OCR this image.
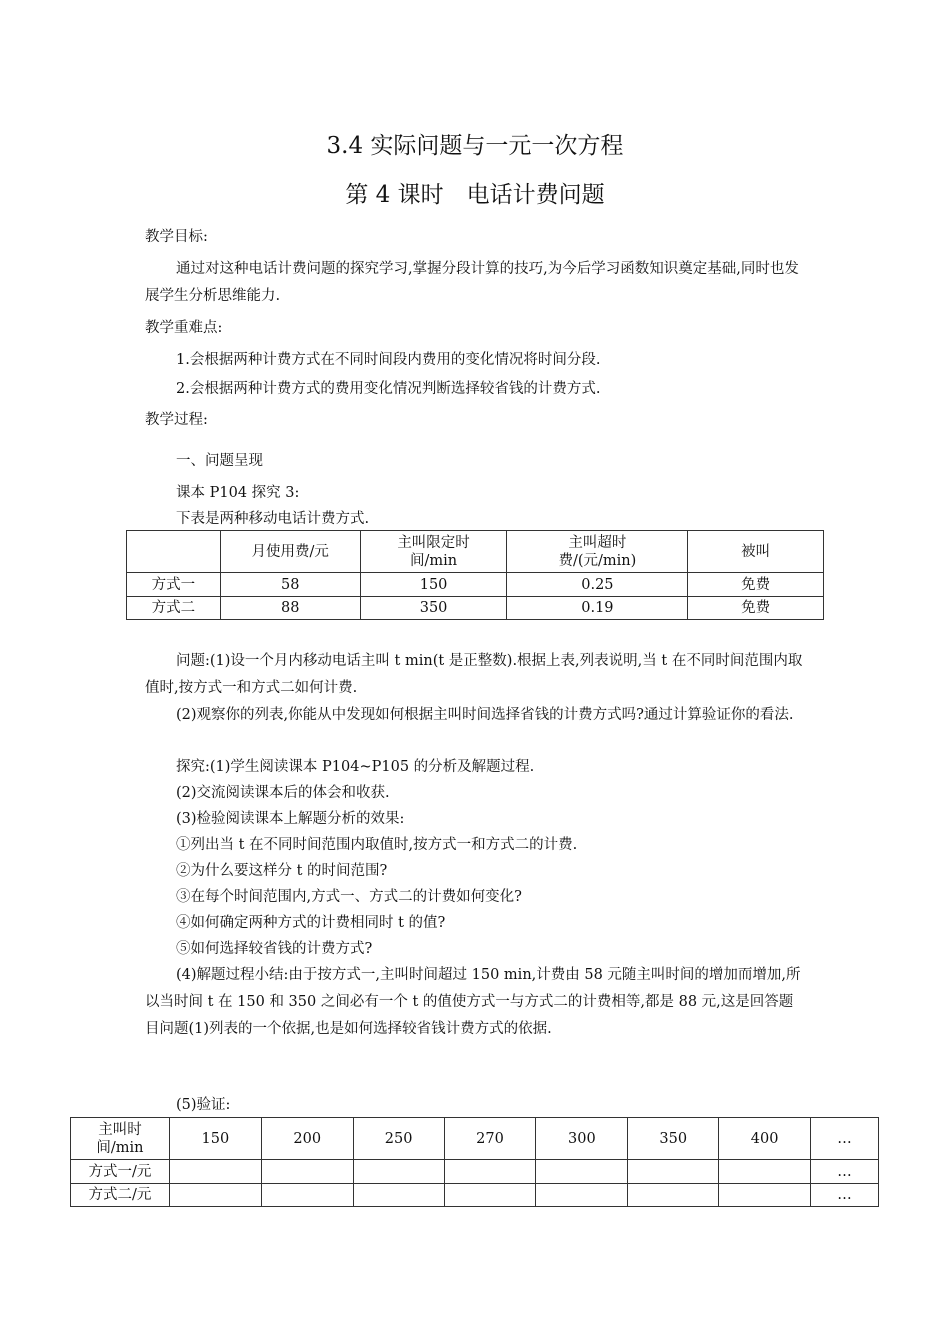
3.4 实际问题与一元一次方程
第 4 课时　电话计费问题
教学目标:
通过对这种电话计费问题的探究学习,掌握分段计算的技巧,为今后学习函数知识奠定基础,同时也发展学生分析思维能力.
教学重难点:
1.会根据两种计费方式在不同时间段内费用的变化情况将时间分段.
2.会根据两种计费方式的费用变化情况判断选择较省钱的计费方式.
教学过程:
一、问题呈现
课本 P104 探究 3:
下表是两种移动电话计费方式.

	月使用费/元	主叫限定时间/min	主叫超时费/(元/min)	被叫
方式一	58	150	0.25	免费
方式二	88	350	0.19	免费
问题:(1)设一个月内移动电话主叫 t min(t 是正整数).根据上表,列表说明,当 t 在不同时间范围内取值时,按方式一和方式二如何计费.
(2)观察你的列表,你能从中发现如何根据主叫时间选择省钱的计费方式吗?通过计算验证你的看法.
探究:(1)学生阅读课本 P104~P105 的分析及解题过程.
(2)交流阅读课本后的体会和收获.
(3)检验阅读课本上解题分析的效果:
①列出当 t 在不同时间范围内取值时,按方式一和方式二的计费.
②为什么要这样分 t 的时间范围?
③在每个时间范围内,方式一、方式二的计费如何变化?
④如何确定两种方式的计费相同时 t 的值?
⑤如何选择较省钱的计费方式?
(4)解题过程小结:由于按方式一,主叫时间超过 150 min,计费由 58 元随主叫时间的增加而增加,所以当时间 t 在 150 和 350 之间必有一个 t 的值使方式一与方式二的计费相等,都是 88 元,这是回答题目问题(1)列表的一个依据,也是如何选择较省钱计费方式的依据.
(5)验证:
主叫时间/min	150	200	250	270	300	350	400	…
方式一/元								…
方式二/元								…
